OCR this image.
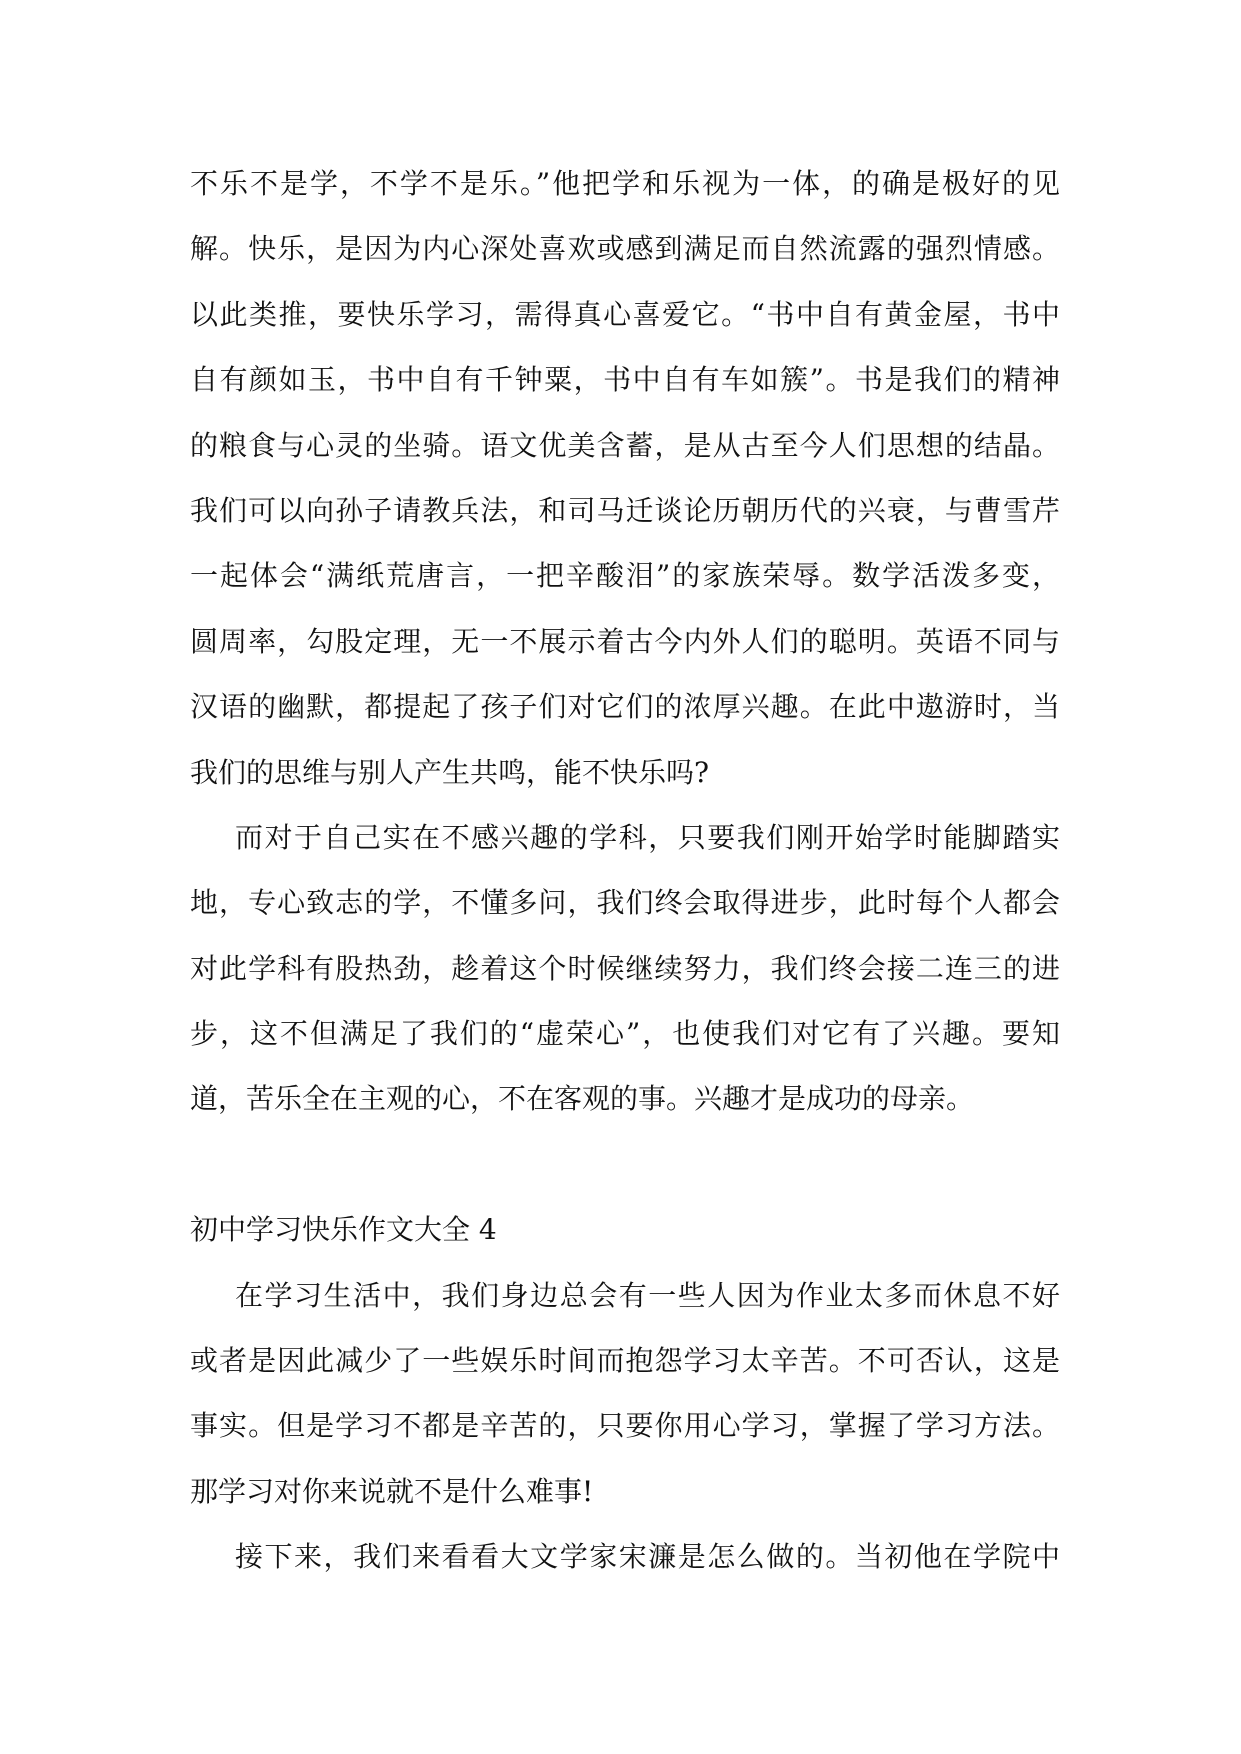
不乐不是学，不学不是乐。”他把学和乐视为一体，的确是极好的见
解。快乐，是因为内心深处喜欢或感到满足而自然流露的强烈情感。
以此类推，要快乐学习，需得真心喜爱它。“书中自有黄金屋，书中
自有颜如玉，书中自有千钟粟，书中自有车如簇”。书是我们的精神
的粮食与心灵的坐骑。语文优美含蓄，是从古至今人们思想的结晶。
我们可以向孙子请教兵法，和司马迁谈论历朝历代的兴衰，与曹雪芹
一起体会“满纸荒唐言，一把辛酸泪”的家族荣辱。数学活泼多变，
圆周率，勾股定理，无一不展示着古今内外人们的聪明。英语不同与
汉语的幽默，都提起了孩子们对它们的浓厚兴趣。在此中遨游时，当
我们的思维与别人产生共鸣，能不快乐吗?
而对于自己实在不感兴趣的学科，只要我们刚开始学时能脚踏实
地，专心致志的学，不懂多问，我们终会取得进步，此时每个人都会
对此学科有股热劲，趁着这个时候继续努力，我们终会接二连三的进
步，这不但满足了我们的“虚荣心”，也使我们对它有了兴趣。要知
道，苦乐全在主观的心，不在客观的事。兴趣才是成功的母亲。
初中学习快乐作文大全 4
在学习生活中，我们身边总会有一些人因为作业太多而休息不好
或者是因此减少了一些娱乐时间而抱怨学习太辛苦。不可否认，这是
事实。但是学习不都是辛苦的，只要你用心学习，掌握了学习方法。
那学习对你来说就不是什么难事!
接下来，我们来看看大文学家宋濂是怎么做的。当初他在学院中
